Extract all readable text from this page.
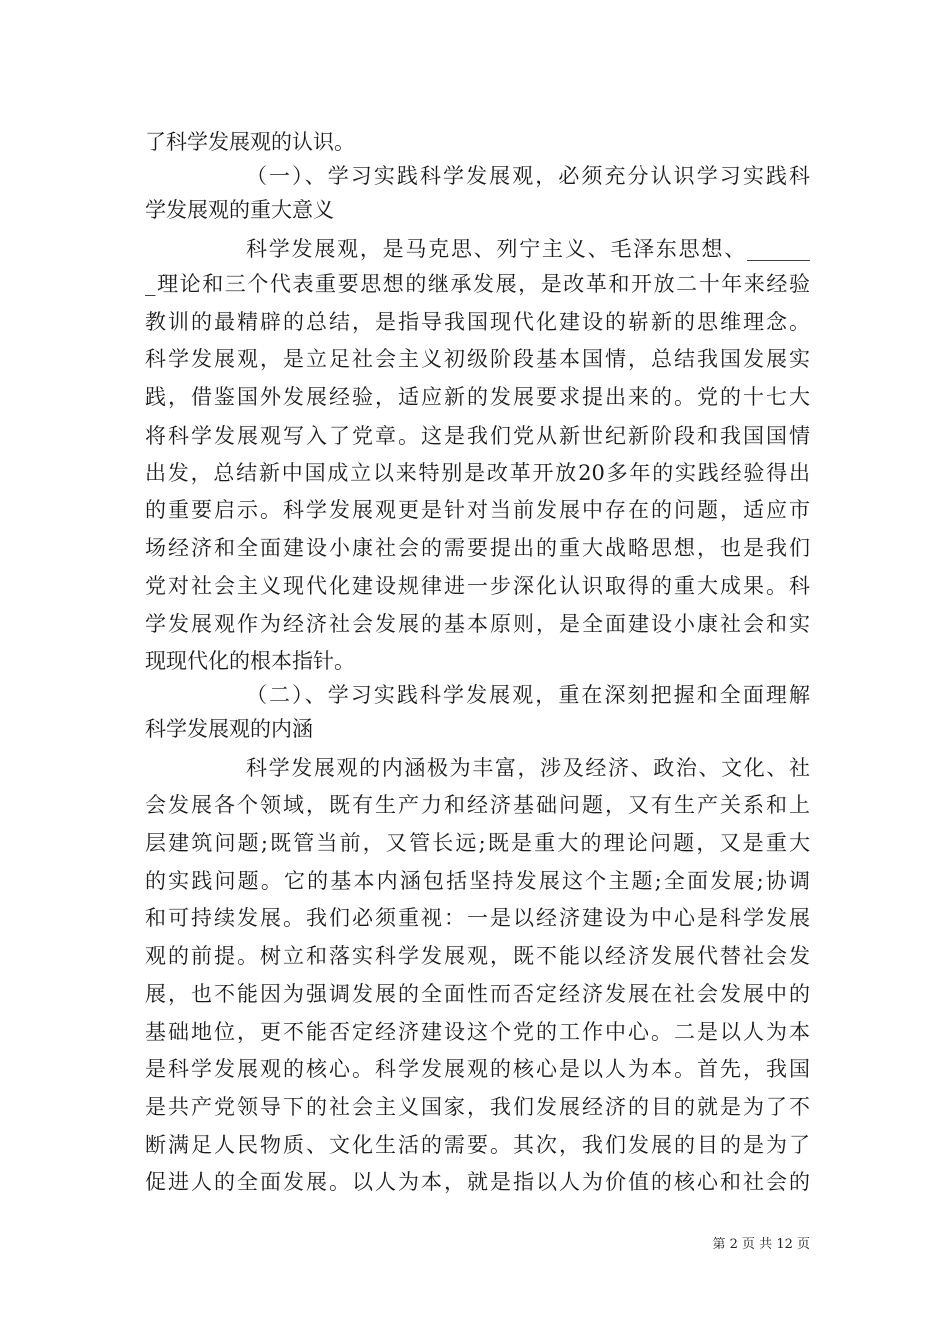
了科学发展观的认识。
（一）、学习实践科学发展观，必须充分认识学习实践科
学发展观的重大意义
科学发展观，是马克思、列宁主义、毛泽东思想、______
_理论和三个代表重要思想的继承发展，是改革和开放二十年来经验
教训的最精辟的总结，是指导我国现代化建设的崭新的思维理念。
科学发展观，是立足社会主义初级阶段基本国情，总结我国发展实
践，借鉴国外发展经验，适应新的发展要求提出来的。党的十七大
将科学发展观写入了党章。这是我们党从新世纪新阶段和我国国情
出发，总结新中国成立以来特别是改革开放20多年的实践经验得出
的重要启示。科学发展观更是针对当前发展中存在的问题，适应市
场经济和全面建设小康社会的需要提出的重大战略思想，也是我们
党对社会主义现代化建设规律进一步深化认识取得的重大成果。科
学发展观作为经济社会发展的基本原则，是全面建设小康社会和实
现现代化的根本指针。
（二）、学习实践科学发展观，重在深刻把握和全面理解
科学发展观的内涵
科学发展观的内涵极为丰富，涉及经济、政治、文化、社
会发展各个领域，既有生产力和经济基础问题，又有生产关系和上
层建筑问题;既管当前，又管长远;既是重大的理论问题，又是重大
的实践问题。它的基本内涵包括坚持发展这个主题;全面发展;协调
和可持续发展。我们必须重视：一是以经济建设为中心是科学发展
观的前提。树立和落实科学发展观，既不能以经济发展代替社会发
展，也不能因为强调发展的全面性而否定经济发展在社会发展中的
基础地位，更不能否定经济建设这个党的工作中心。二是以人为本
是科学发展观的核心。科学发展观的核心是以人为本。首先，我国
是共产党领导下的社会主义国家，我们发展经济的目的就是为了不
断满足人民物质、文化生活的需要。其次，我们发展的目的是为了
促进人的全面发展。以人为本，就是指以人为价值的核心和社会的
第 2 页 共 12 页
